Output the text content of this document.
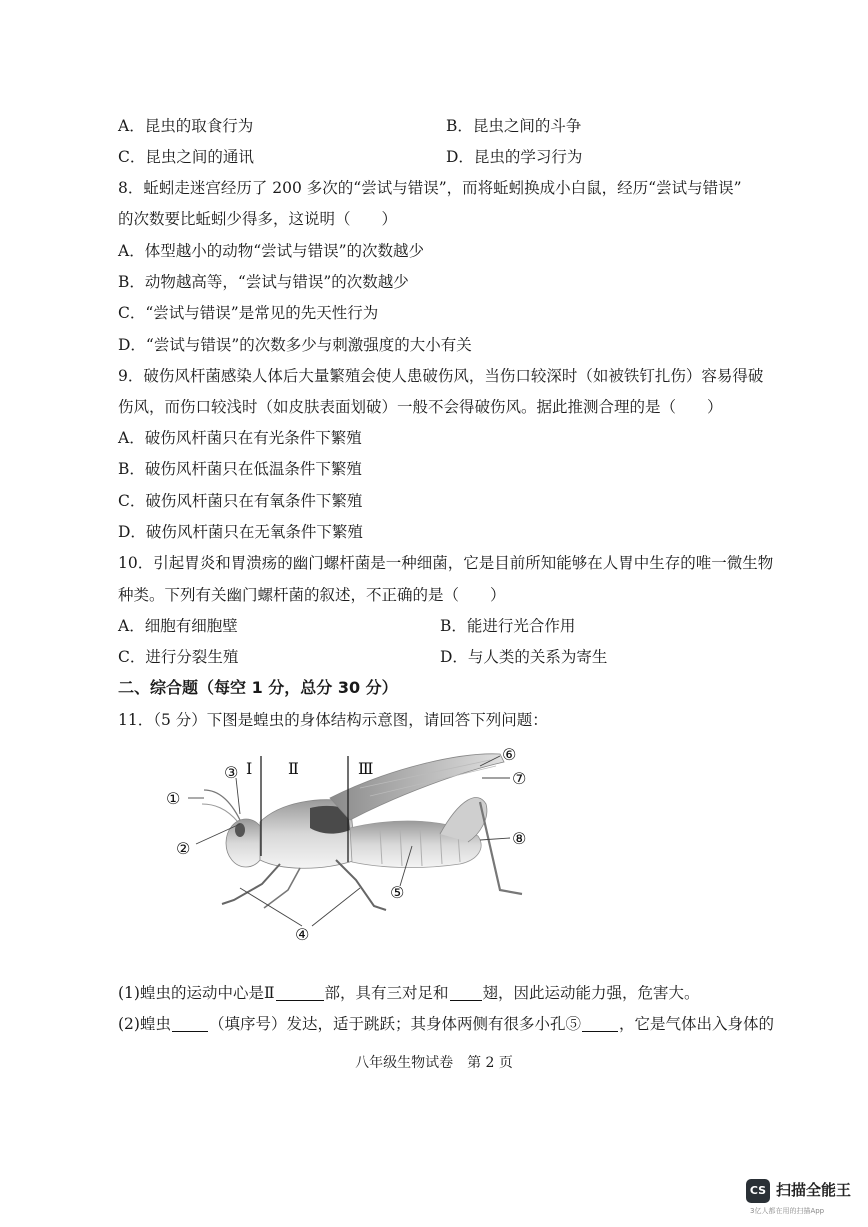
A．昆虫的取食行为	B．昆虫之间的斗争
C．昆虫之间的通讯	D．昆虫的学习行为
8．蚯蚓走迷宫经历了 200 多次的“尝试与错误”，而将蚯蚓换成小白鼠，经历“尝试与错误”
的次数要比蚯蚓少得多，这说明（　　）
A．体型越小的动物“尝试与错误”的次数越少
B．动物越高等，“尝试与错误”的次数越少
C．“尝试与错误”是常见的先天性行为
D．“尝试与错误”的次数多少与刺激强度的大小有关
9．破伤风杆菌感染人体后大量繁殖会使人患破伤风，当伤口较深时（如被铁钉扎伤）容易得破
伤风，而伤口较浅时（如皮肤表面划破）一般不会得破伤风。据此推测合理的是（　　）
A．破伤风杆菌只在有光条件下繁殖
B．破伤风杆菌只在低温条件下繁殖
C．破伤风杆菌只在有氧条件下繁殖
D．破伤风杆菌只在无氧条件下繁殖
10．引起胃炎和胃溃疡的幽门螺杆菌是一种细菌，它是目前所知能够在人胃中生存的唯一微生物
种类。下列有关幽门螺杆菌的叙述，不正确的是（　　）
A．细胞有细胞壁	B．能进行光合作用
C．进行分裂生殖	D．与人类的关系为寄生
二、综合题（每空 1 分，总分 30 分）
11．（5 分）下图是蝗虫的身体结构示意图，请回答下列问题：
Ⅰ Ⅱ	Ⅲ
①
②
③
④
⑤
⑥
⑦
⑧
(1)蝗虫的运动中心是Ⅱ	部，具有三对足和 翅，因此运动能力强，危害大。
(2)蝗虫 （填序号）发达，适于跳跃；其身体两侧有很多小孔⑤ ，它是气体出入身体的
八年级生物试卷　第 2 页
CS 扫描全能王
3亿人都在用的扫描App
